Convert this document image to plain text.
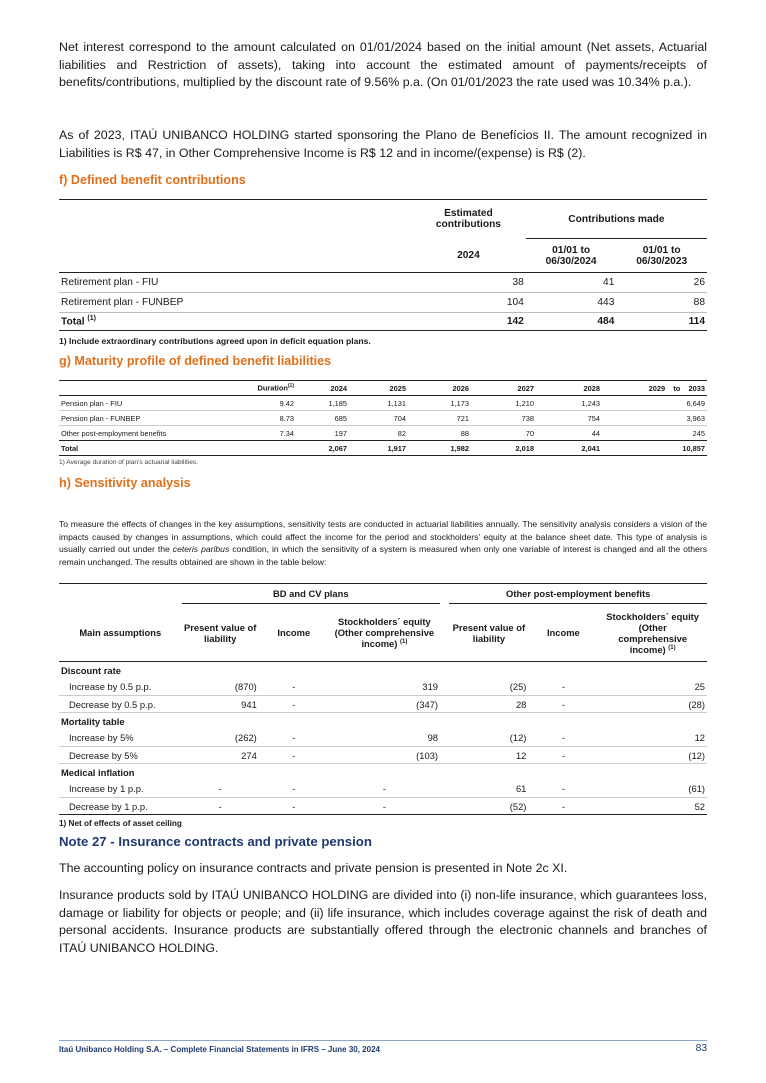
Net interest correspond to the amount calculated on 01/01/2024 based on the initial amount (Net assets, Actuarial liabilities and Restriction of assets), taking into account the estimated amount of payments/receipts of benefits/contributions, multiplied by the discount rate of 9.56% p.a. (On 01/01/2023 the rate used was 10.34% p.a.).

As of 2023, ITAÚ UNIBANCO HOLDING started sponsoring the Plano de Benefícios II. The amount recognized in Liabilities is R$ 47, in Other Comprehensive Income is R$ 12 and in income/(expense) is R$ (2).

f) Defined benefit contributions

	Estimated contributions	Contributions made	
	2024	01/01 to 06/30/2024	01/01 to 06/30/2023
Retirement plan - FIU	38	41	26
Retirement plan - FUNBEP	104	443	88
Total $^{(1)}$	142	484	114

1) Include extraordinary contributions agreed upon in deficit equation plans.

g) Maturity profile of defined benefit liabilities

	Duration$^{(1)}$	2024	2025	2026	2027	2028	2029 to 2033
Pension plan - FIU	9.42	1,185	1,131	1,173	1,210	1,243	6,649
Pension plan - FUNBEP	8.73	685	704	721	738	754	3,963
Other post-employment benefits	7.34	197	82	88	70	44	245
Total		2,067	1,917	1,982	2,018	2,041	10,857

1) Average duration of plan’s actuarial liabilities.

h) Sensitivity analysis

To measure the effects of changes in the key assumptions, sensitivity tests are conducted in actuarial liabilities annually. The sensitivity analysis considers a vision of the impacts caused by changes in assumptions, which could affect the income for the period and stockholders’ equity at the balance sheet date. This type of analysis is usually carried out under the ceteris paribus condition, in which the sensitivity of a system is measured when only one variable of interest is changed and all the others remain unchanged. The results obtained are shown in the table below:

	BD and CV plans				Other post-employment benefits		
Main assumptions	Present value of liability	Income	Stockholders´ equity (Other comprehensive income) $^{(1)}$		Present value of liability	Income	Stockholders´ equity (Other comprehensive income) $^{(1)}$
Discount rate							
Increase by 0.5 p.p.	(870)	-	319		(25)	-	25
Decrease by 0.5 p.p.	941	-	(347)		28	-	(28)
Mortality table							
Increase by 5%	(262)	-	98		(12)	-	12
Decrease by 5%	274	-	(103)		12	-	(12)
Medical inflation							
Increase by 1 p.p.	-	-	-		61	-	(61)
Decrease by 1 p.p.	-	-	-		(52)	-	52

1) Net of effects of asset ceiling

Note 27 - Insurance contracts and private pension

The accounting policy on insurance contracts and private pension is presented in Note 2c XI.

Insurance products sold by ITAÚ UNIBANCO HOLDING are divided into (i) non-life insurance, which guarantees loss, damage or liability for objects or people; and (ii) life insurance, which includes coverage against the risk of death and personal accidents. Insurance products are substantially offered through the electronic channels and branches of ITAÚ UNIBANCO HOLDING.

Itaú Unibanco Holding S.A. – Complete Financial Statements in IFRS – June 30, 2024	83
